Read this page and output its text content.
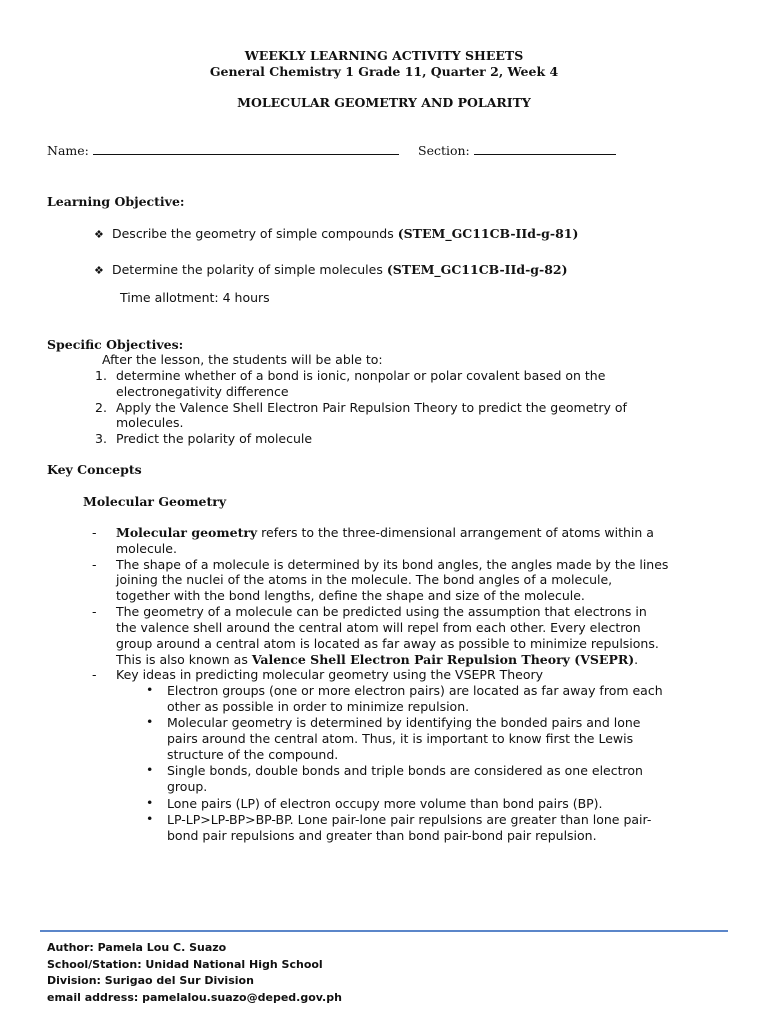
WEEKLY LEARNING ACTIVITY SHEETS
General Chemistry 1 Grade 11, Quarter 2, Week 4
MOLECULAR GEOMETRY AND POLARITY
Name:	Section:
Learning Objective:
❖ Describe the geometry of simple compounds (STEM_GC11CB-IId-g-81)
❖ Determine the polarity of simple molecules (STEM_GC11CB-IId-g-82)
Time allotment: 4 hours
Specific Objectives:
After the lesson, the students will be able to:
1. determine whether of a bond is ionic, nonpolar or polar covalent based on the
electronegativity difference
2. Apply the Valence Shell Electron Pair Repulsion Theory to predict the geometry of
molecules.
3. Predict the polarity of molecule
Key Concepts
Molecular Geometry
- Molecular geometry refers to the three-dimensional arrangement of atoms within a
molecule.
- The shape of a molecule is determined by its bond angles, the angles made by the lines
joining the nuclei of the atoms in the molecule. The bond angles of a molecule,
together with the bond lengths, define the shape and size of the molecule.
- The geometry of a molecule can be predicted using the assumption that electrons in
the valence shell around the central atom will repel from each other. Every electron
group around a central atom is located as far away as possible to minimize repulsions.
This is also known as Valence Shell Electron Pair Repulsion Theory (VSEPR).
- Key ideas in predicting molecular geometry using the VSEPR Theory
• Electron groups (one or more electron pairs) are located as far away from each
other as possible in order to minimize repulsion.
• Molecular geometry is determined by identifying the bonded pairs and lone
pairs around the central atom. Thus, it is important to know first the Lewis
structure of the compound.
• Single bonds, double bonds and triple bonds are considered as one electron
group.
• Lone pairs (LP) of electron occupy more volume than bond pairs (BP).
• LP-LP>LP-BP>BP-BP. Lone pair-lone pair repulsions are greater than lone pair-
bond pair repulsions and greater than bond pair-bond pair repulsion.
Author: Pamela Lou C. Suazo
School/Station: Unidad National High School
Division: Surigao del Sur Division
email address: pamelalou.suazo@deped.gov.ph
